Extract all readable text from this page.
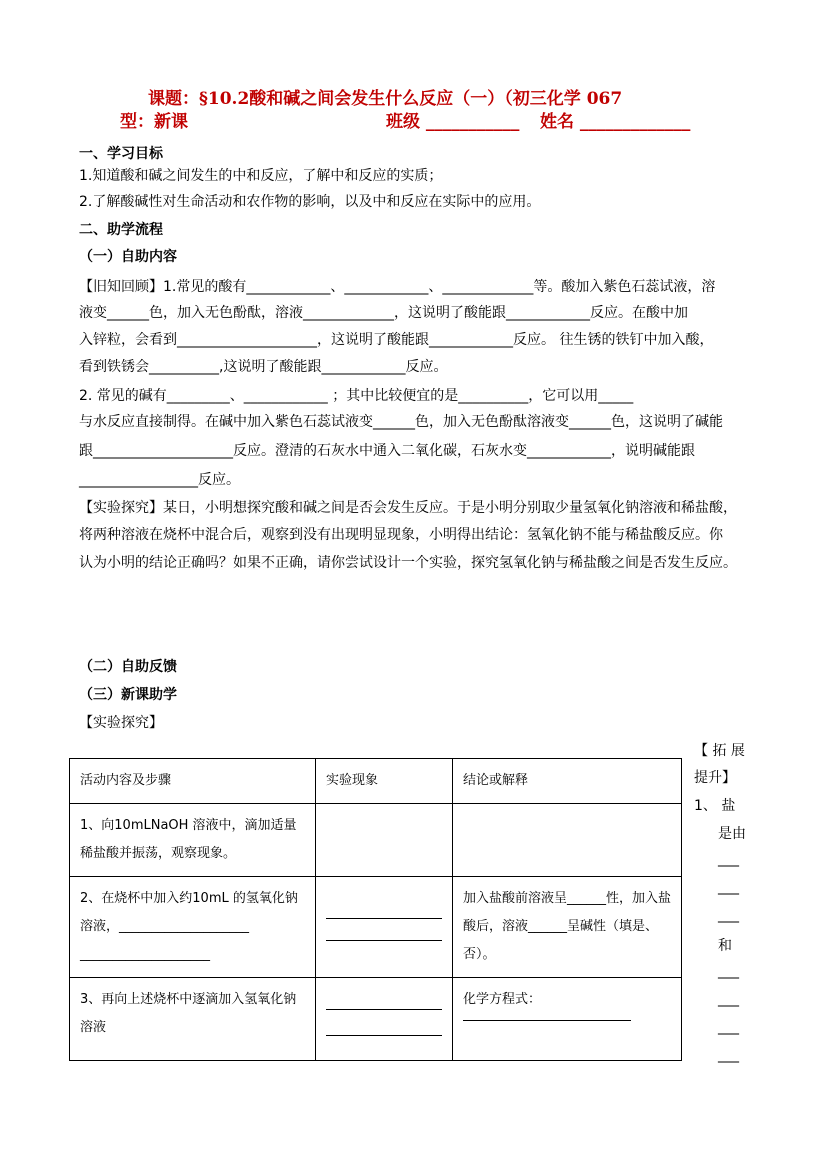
课题：§10.2酸和碱之间会发生什么反应（一）（初三化学 067
型：新课	班级 ___________ 姓名 _____________
一、学习目标
1.知道酸和碱之间发生的中和反应，了解中和反应的实质；
2.了解酸碱性对生命活动和农作物的影响，以及中和反应在实际中的应用。
二、助学流程
（一）自助内容
【旧知回顾】1.常见的酸有____________、____________、_____________等。酸加入紫色石蕊试液，溶
液变______色，加入无色酚酞，溶液_____________，这说明了酸能跟____________反应。在酸中加
入锌粒，会看到____________________，这说明了酸能跟____________反应。 往生锈的铁钉中加入酸，
看到铁锈会__________,这说明了酸能跟____________反应。
2. 常见的碱有_________、____________ ；其中比较便宜的是__________，它可以用_____
与水反应直接制得。在碱中加入紫色石蕊试液变______色，加入无色酚酞溶液变______色，这说明了碱能
跟____________________反应。澄清的石灰水中通入二氧化碳，石灰水变____________，说明碱能跟
_________________反应。
【实验探究】某日，小明想探究酸和碱之间是否会发生反应。于是小明分别取少量氢氧化钠溶液和稀盐酸，
将两种溶液在烧杯中混合后，观察到没有出现明显现象，小明得出结论：氢氧化钠不能与稀盐酸反应。你
认为小明的结论正确吗？如果不正确，请你尝试设计一个实验，探究氢氧化钠与稀盐酸之间是否发生反应。
（二）自助反馈
（三）新课助学
【实验探究】
活动内容及步骤	实验现象	结论或解释

1、向10mLNaOH 溶液中，滴加适量稀盐酸并振荡，观察现象。		

2、在烧杯中加入约10mL 的氢氧化钠
溶液，____________________
____________________		加入盐酸前溶液呈______性，加入盐酸后，溶液______呈碱性（填是、否）。

3、再向上述烧杯中逐滴加入氢氧化钠溶液		化学方程式：
【 拓 展
提升】
1、 盐
是由
___
___
___
和
___
___
___
___
